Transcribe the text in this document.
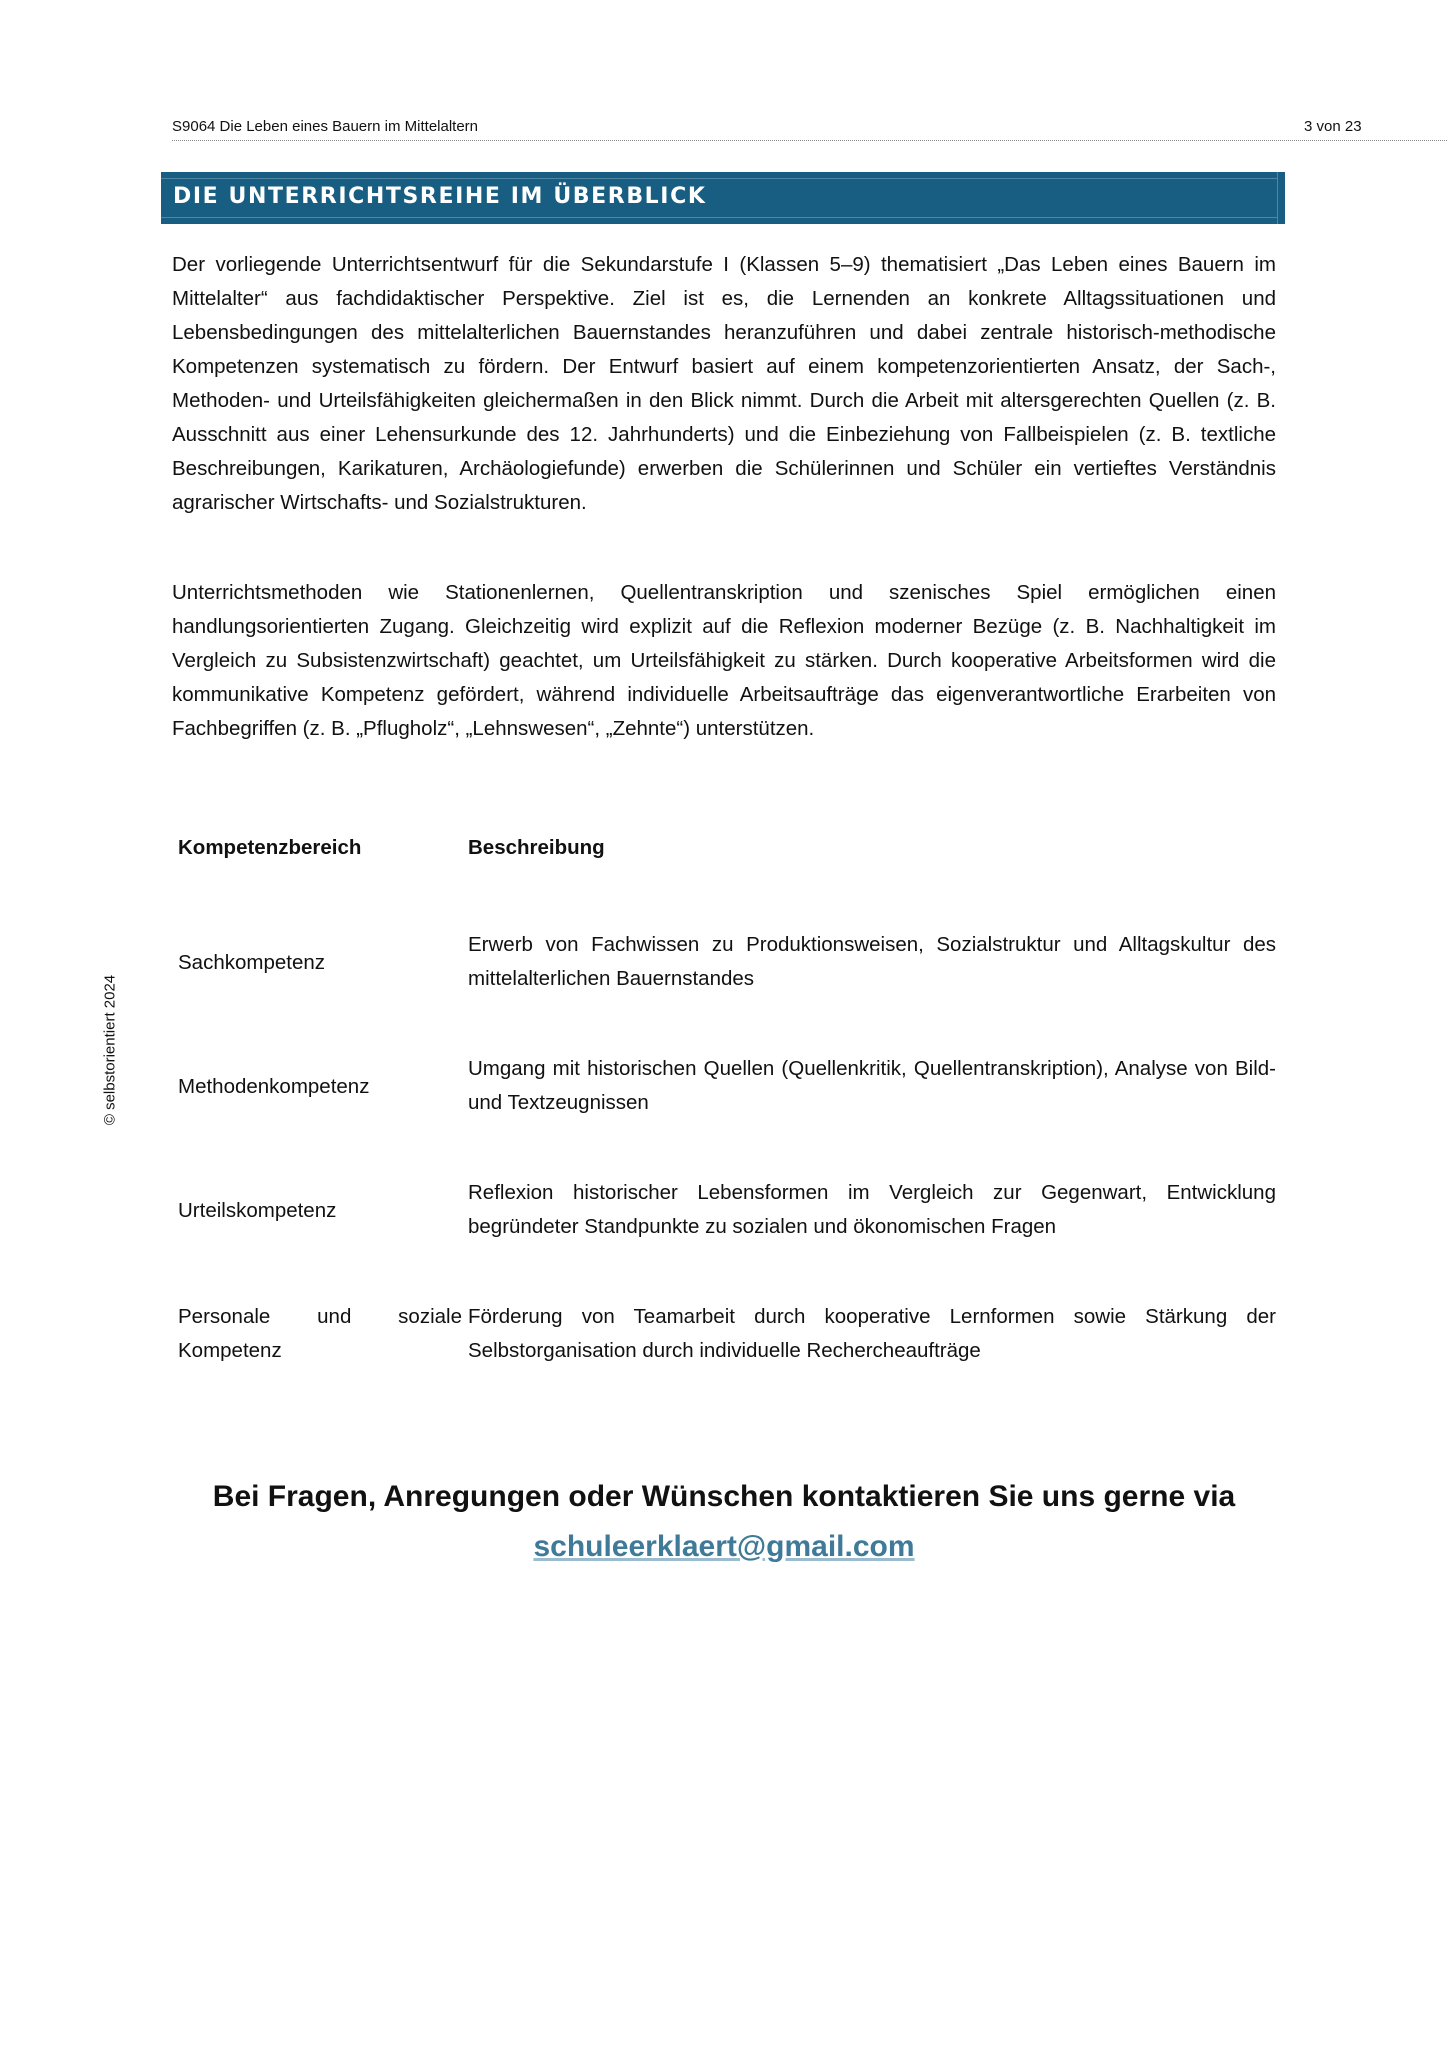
S9064 Die Leben eines Bauern im Mittelaltern	3 von 23
DIE UNTERRICHTSREIHE IM ÜBERBLICK

Der vorliegende Unterrichtsentwurf für die Sekundarstufe I (Klassen 5–9) thematisiert „Das Leben eines Bauern im Mittelalter“ aus fachdidaktischer Perspektive. Ziel ist es, die Lernenden an konkrete Alltagssituationen und Lebensbedingungen des mittelalterlichen Bauernstandes heranzuführen und dabei zentrale historisch-methodische Kompetenzen systematisch zu fördern. Der Entwurf basiert auf einem kompetenzorientierten Ansatz, der Sach-, Methoden- und Urteilsfähigkeiten gleichermaßen in den Blick nimmt. Durch die Arbeit mit altersgerechten Quellen (z. B. Ausschnitt aus einer Lehensurkunde des 12. Jahrhunderts) und die Einbeziehung von Fallbeispielen (z. B. textliche Beschreibungen, Karikaturen, Archäologiefunde) erwerben die Schülerinnen und Schüler ein vertieftes Verständnis agrarischer Wirtschafts- und Sozialstrukturen.

Unterrichtsmethoden wie Stationenlernen, Quellentranskription und szenisches Spiel ermöglichen einen handlungsorientierten Zugang. Gleichzeitig wird explizit auf die Reflexion moderner Bezüge (z. B. Nachhaltigkeit im Vergleich zu Subsistenzwirtschaft) geachtet, um Urteilsfähigkeit zu stärken. Durch kooperative Arbeitsformen wird die kommunikative Kompetenz gefördert, während individuelle Arbeitsaufträge das eigenverantwortliche Erarbeiten von Fachbegriffen (z. B. „Pflugholz“, „Lehnswesen“, „Zehnte“) unterstützen.

Kompetenzbereich	Beschreibung
Sachkompetenz
Erwerb von Fachwissen zu Produktionsweisen, Sozialstruktur und Alltagskultur des mittelalterlichen Bauernstandes
Methodenkompetenz
Umgang mit historischen Quellen (Quellenkritik, Quellentranskription), Analyse von Bild- und Textzeugnissen
Urteilskompetenz
Reflexion historischer Lebensformen im Vergleich zur Gegenwart, Entwicklung begründeter Standpunkte zu sozialen und ökonomischen Fragen
Personale und soziale Kompetenz
Förderung von Teamarbeit durch kooperative Lernformen sowie Stärkung der Selbstorganisation durch individuelle Rechercheaufträge
Bei Fragen, Anregungen oder Wünschen kontaktieren Sie uns gerne via
schuleerklaert@gmail.com
© selbstorientiert 2024
